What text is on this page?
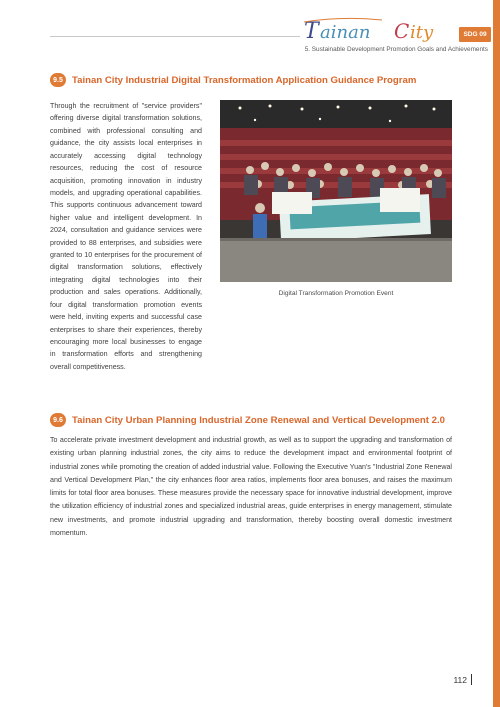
SDG 09
T ainan C ity
5. Sustainable Development Promotion Goals and Achievements
9.5 Tainan City Industrial Digital Transformation Application Guidance Program
Through the recruitment of "service providers" offering diverse digital transformation solutions, combined with professional consulting and guidance, the city assists local enterprises in accurately accessing digital technology resources, reducing the cost of resource acquisition, promoting innovation in industry models, and upgrading operational capabilities. This supports continuous advancement toward higher value and intelligent development. In 2024, consultation and guidance services were provided to 88 enterprises, and subsidies were granted to 10 enterprises for the procurement of digital transformation solutions, effectively integrating digital technologies into their production and sales operations. Additionally, four digital transformation promotion events were held, inviting experts and successful case enterprises to share their experiences, thereby encouraging more local businesses to engage in transformation efforts and strengthening overall competitiveness.
Digital Transformation Promotion Event
9.6 Tainan City Urban Planning Industrial Zone Renewal and Vertical Development 2.0
To accelerate private investment development and industrial growth, as well as to support the upgrading and transformation of existing urban planning industrial zones, the city aims to reduce the development impact and environmental footprint of industrial zones while promoting the creation of added industrial value. Following the Executive Yuan's "Industrial Zone Renewal and Vertical Development Plan," the city enhances floor area ratios, implements floor area bonuses, and raises the maximum limits for total floor area bonuses. These measures provide the necessary space for innovative industrial development, improve the utilization efficiency of industrial zones and specialized industrial areas, guide enterprises in energy management, stimulate new investments, and promote industrial upgrading and transformation, thereby boosting overall domestic investment momentum.
112
